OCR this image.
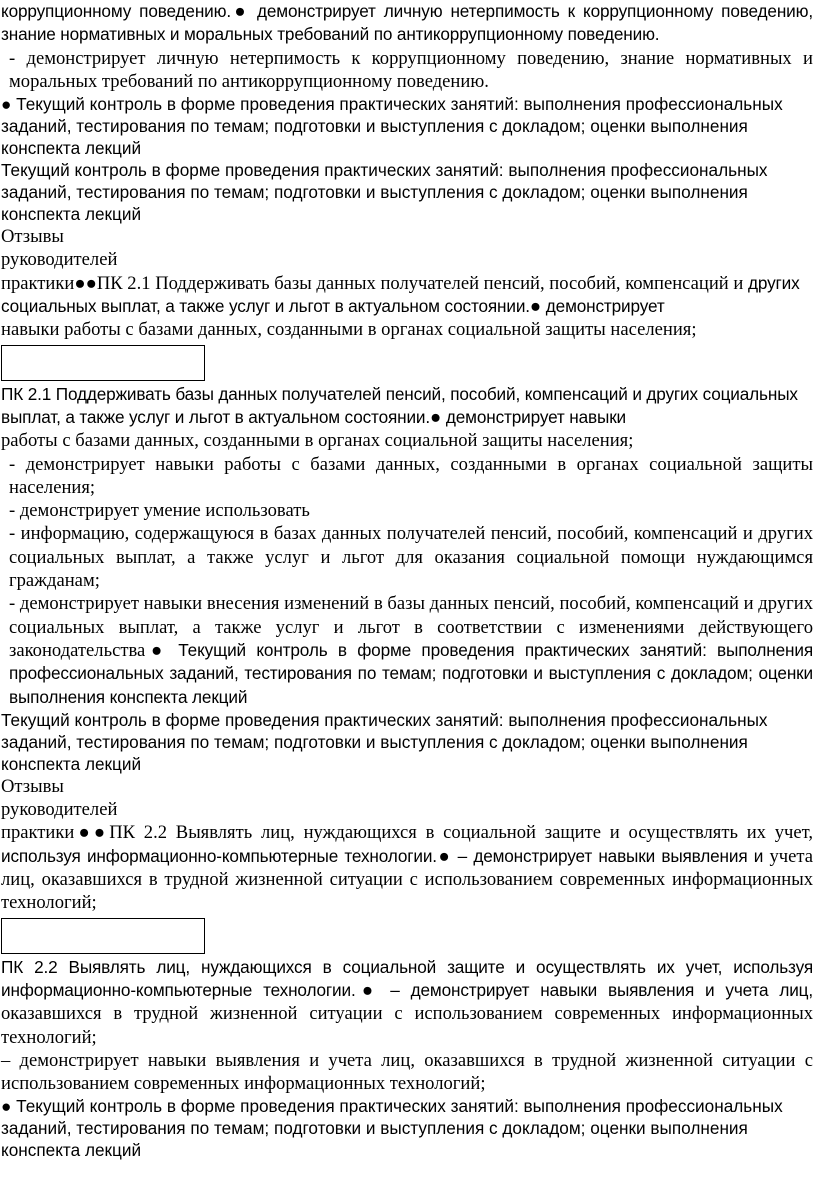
коррупционному поведению.● демонстрирует личную нетерпимость к коррупционному поведению, знание нормативных и моральных требований по антикоррупционному поведению.

- демонстрирует личную нетерпимость к коррупционному поведению, знание нормативных и моральных требований по антикоррупционному поведению.

● Текущий контроль в форме проведения практических занятий: выполнения профессиональных заданий, тестирования по темам; подготовки и выступления с докладом; оценки выполнения конспекта лекций

Текущий контроль в форме проведения практических занятий: выполнения профессиональных заданий, тестирования по темам; подготовки и выступления с докладом; оценки выполнения конспекта лекций

Отзывы

руководителей

практики●●ПК 2.1 Поддерживать базы данных получателей пенсий, пособий, компенсаций и других социальных выплат, а также услуг и льгот в актуальном состоянии.● демонстрирует
навыки работы с базами данных, созданными в органах социальной защиты населения;

ПК 2.1 Поддерживать базы данных получателей пенсий, пособий, компенсаций и других социальных выплат, а также услуг и льгот в актуальном состоянии.● демонстрирует навыки
работы с базами данных, созданными в органах социальной защиты населения;

- демонстрирует навыки работы с базами данных, созданными в органах социальной защиты населения;

- демонстрирует умение использовать

- информацию, содержащуюся в базах данных получателей пенсий, пособий, компенсаций и других социальных выплат, а также услуг и льгот для оказания социальной помощи нуждающимся гражданам;

- демонстрирует навыки внесения изменений в базы данных пенсий, пособий, компенсаций и других социальных выплат, а также услуг и льгот в соответствии с изменениями действующего законодательства● Текущий контроль в форме проведения практических занятий: выполнения профессиональных заданий, тестирования по темам; подготовки и выступления с докладом; оценки выполнения конспекта лекций

Текущий контроль в форме проведения практических занятий: выполнения профессиональных заданий, тестирования по темам; подготовки и выступления с докладом; оценки выполнения конспекта лекций

Отзывы

руководителей

практики●●ПК 2.2 Выявлять лиц, нуждающихся в социальной защите и осуществлять их учет, используя информационно-компьютерные технологии.● – демонстрирует навыки выявления и учета лиц, оказавшихся в трудной жизненной ситуации с использованием современных информационных технологий;

ПК 2.2 Выявлять лиц, нуждающихся в социальной защите и осуществлять их учет, используя информационно-компьютерные технологии.● – демонстрирует навыки выявления и учета лиц, оказавшихся в трудной жизненной ситуации с использованием современных информационных технологий;

– демонстрирует навыки выявления и учета лиц, оказавшихся в трудной жизненной ситуации с использованием современных информационных технологий;

● Текущий контроль в форме проведения практических занятий: выполнения профессиональных заданий, тестирования по темам; подготовки и выступления с докладом; оценки выполнения конспекта лекций
